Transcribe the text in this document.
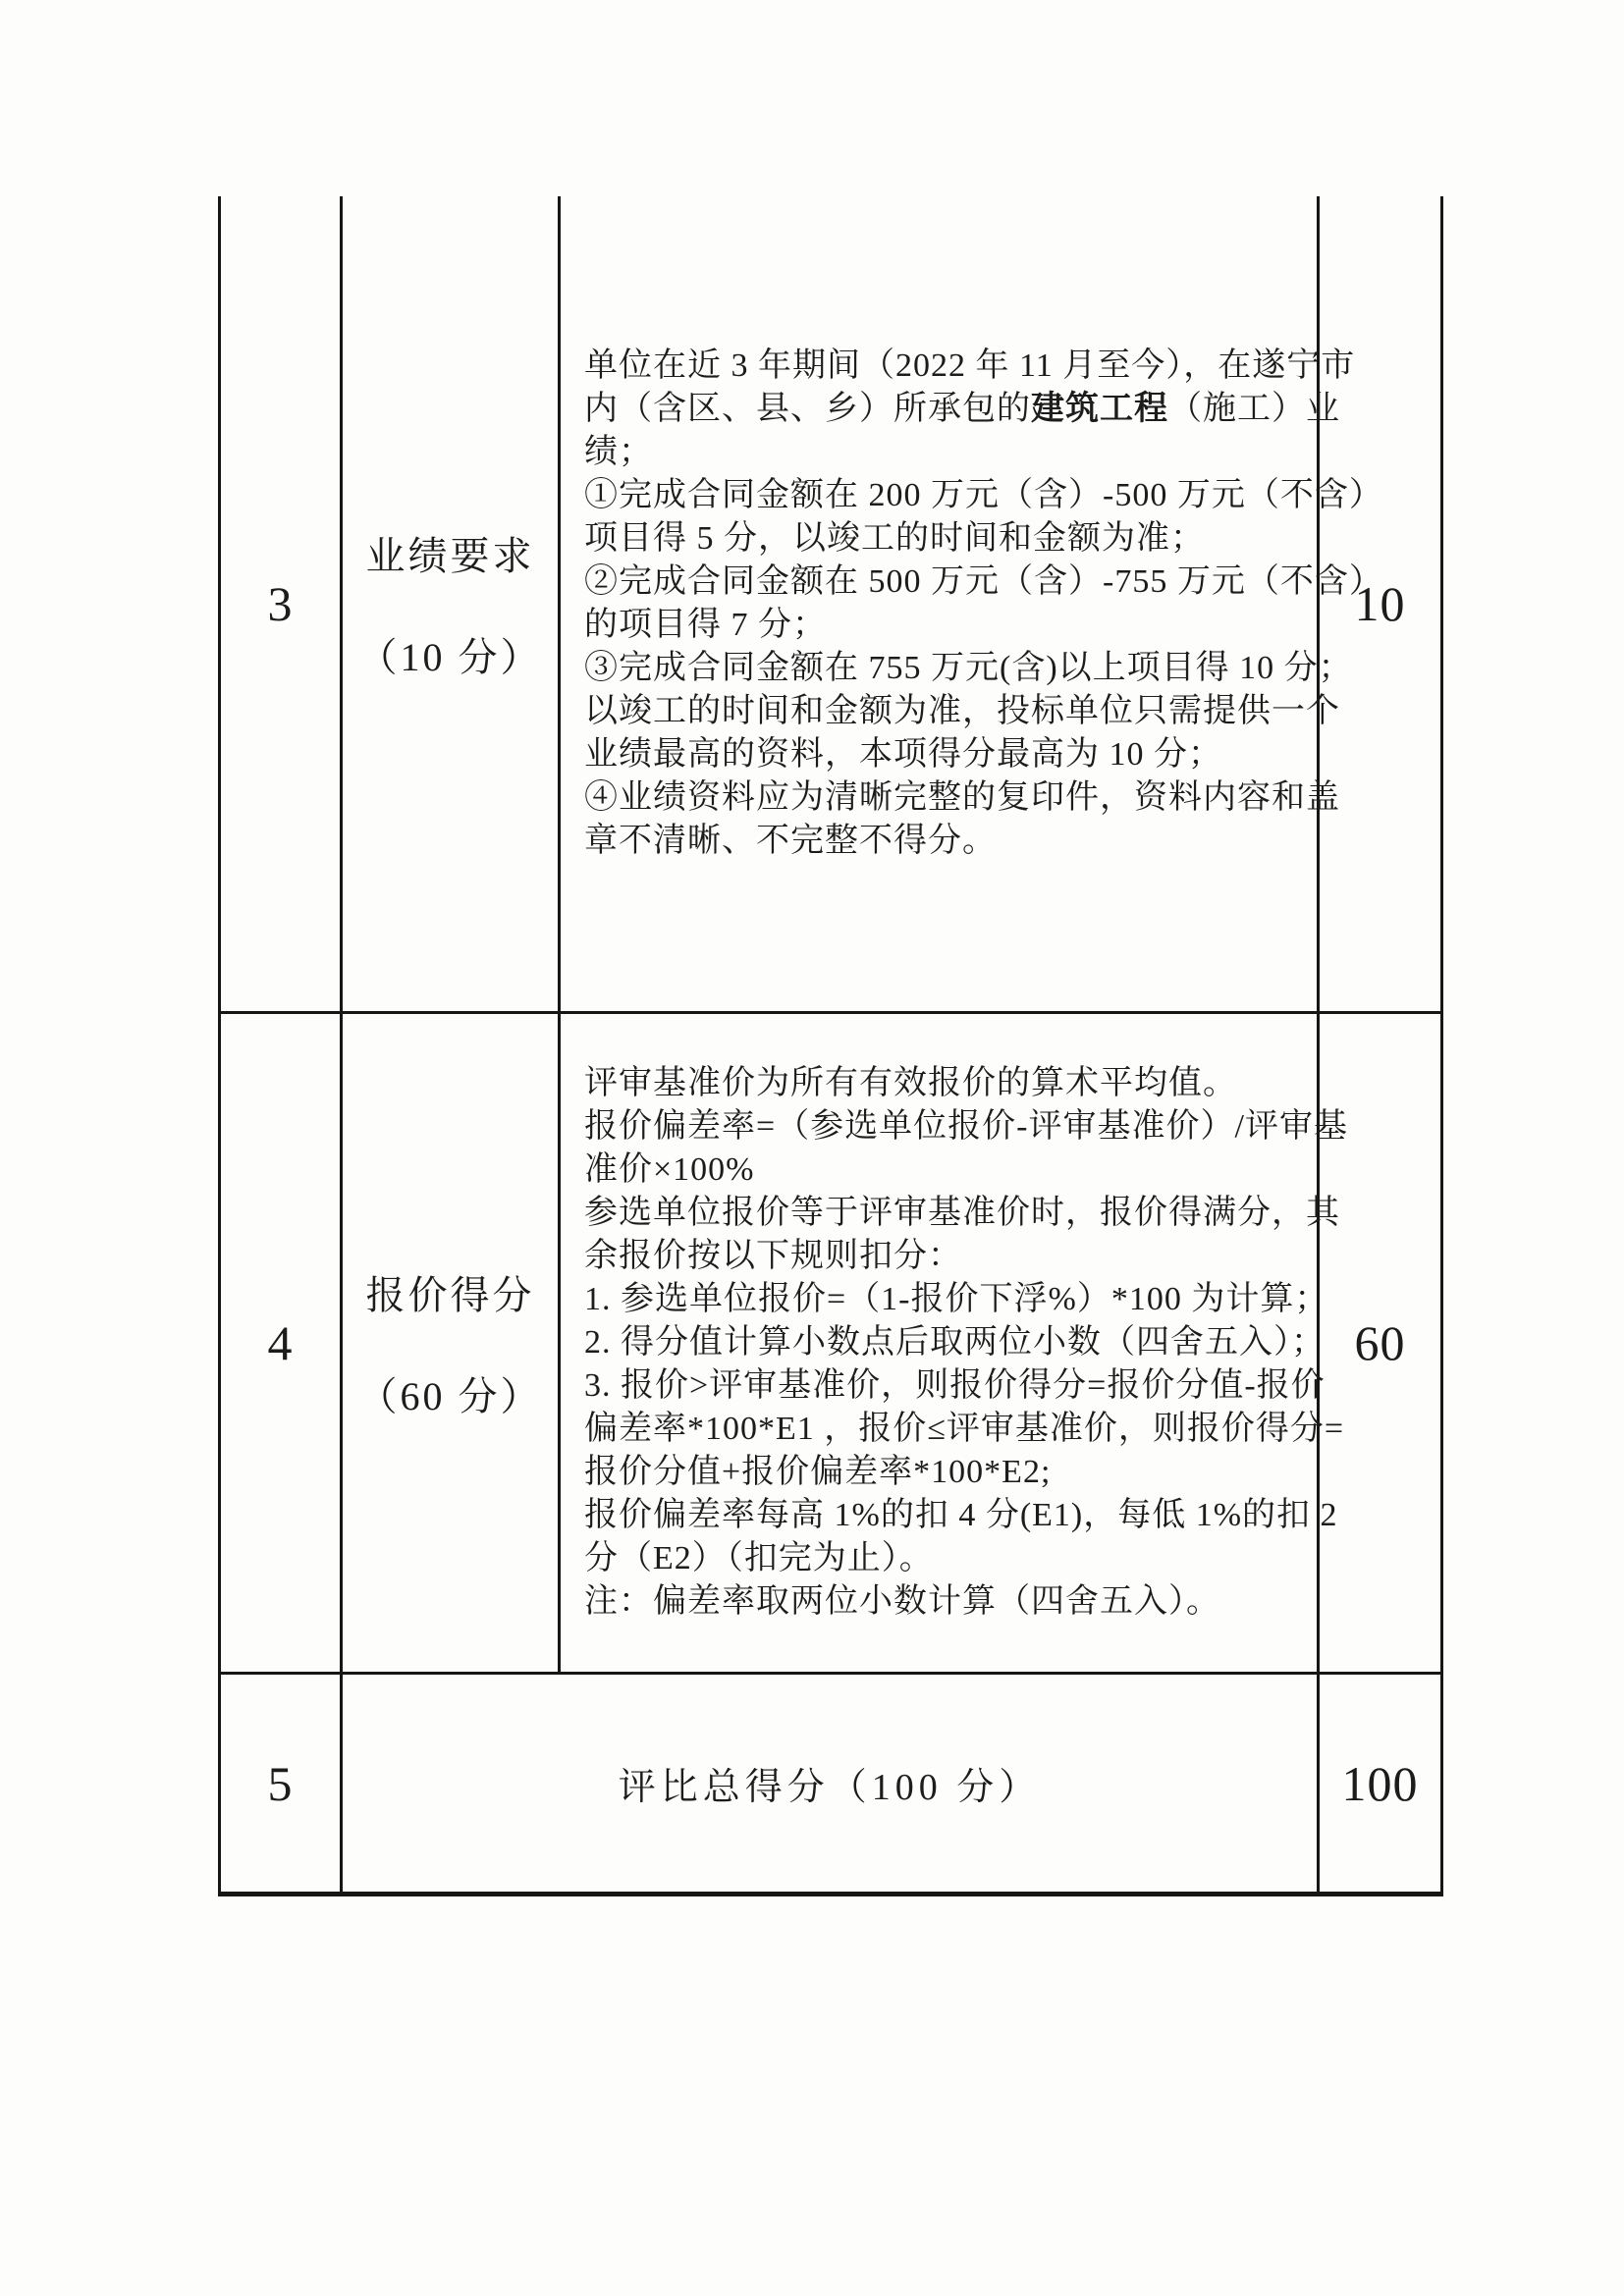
3
业绩要求
（10 分）
单位在近 3 年期间（2022 年 11 月至今），在遂宁市
内（含区、县、乡）所承包的建筑工程（施工）业
绩；
①完成合同金额在 200 万元（含）-500 万元（不含）
项目得 5 分，以竣工的时间和金额为准；
②完成合同金额在 500 万元（含）-755 万元（不含）
的项目得 7 分；
③完成合同金额在 755 万元(含)以上项目得 10 分；
以竣工的时间和金额为准，投标单位只需提供一个
业绩最高的资料，本项得分最高为 10 分；
④业绩资料应为清晰完整的复印件，资料内容和盖
章不清晰、不完整不得分。
10
4
报价得分
（60 分）
评审基准价为所有有效报价的算术平均值。
报价偏差率=（参选单位报价-评审基准价）/评审基
准价×100%
参选单位报价等于评审基准价时，报价得满分，其
余报价按以下规则扣分：
1. 参选单位报价=（1-报价下浮%）*100 为计算；
2. 得分值计算小数点后取两位小数（四舍五入）；
3. 报价>评审基准价，则报价得分=报价分值-报价
偏差率*100*E1 ，报价≤评审基准价，则报价得分=
报价分值+报价偏差率*100*E2;
报价偏差率每高 1%的扣 4 分(E1)，每低 1%的扣 2
分（E2）（扣完为止）。
注：偏差率取两位小数计算（四舍五入）。
60
5	评比总得分（100 分）	100
